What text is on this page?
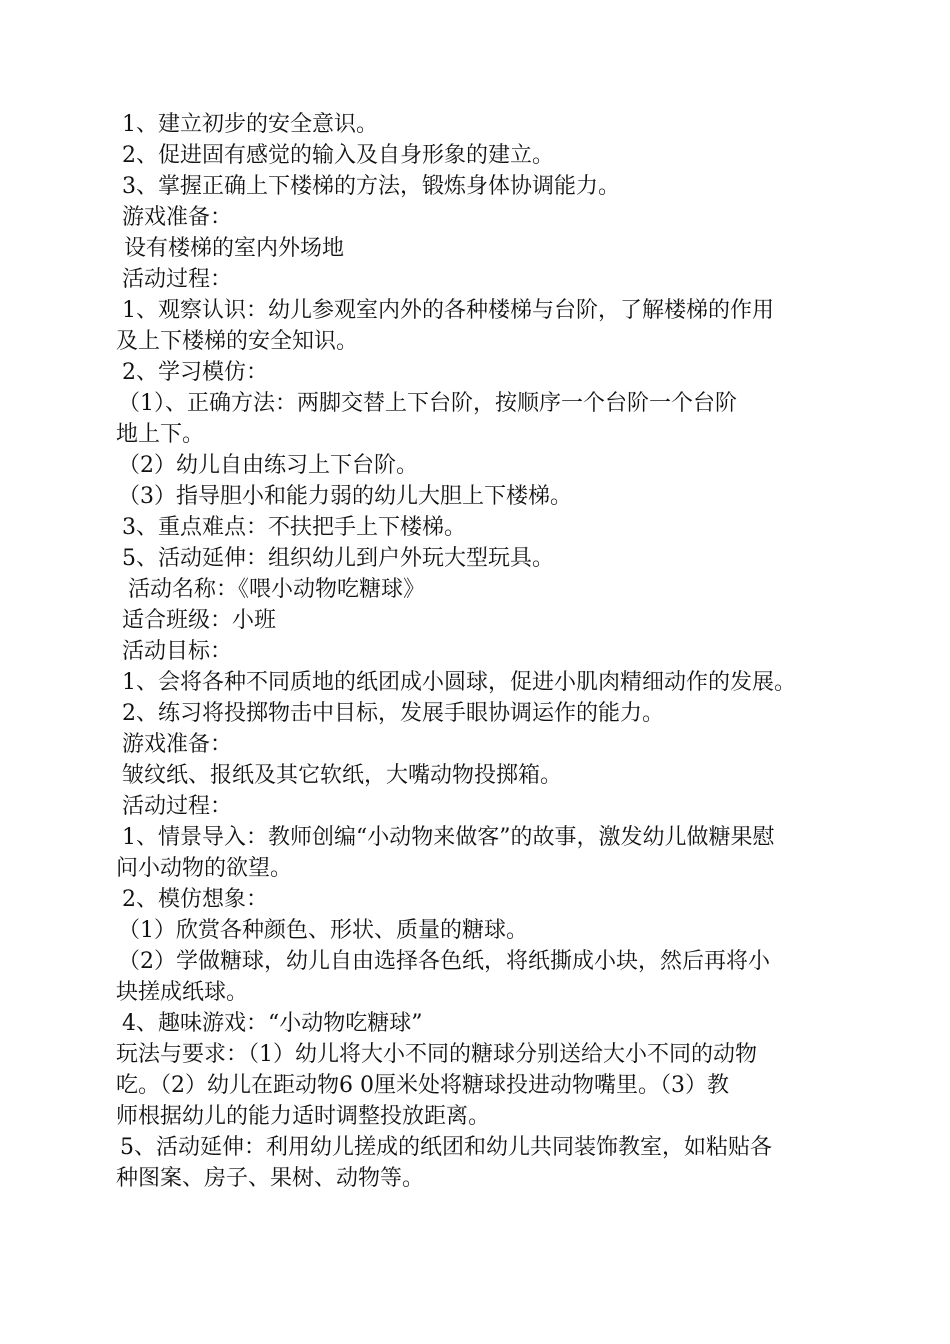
1、建立初步的安全意识。
2、促进固有感觉的输入及自身形象的建立。
3、掌握正确上下楼梯的方法，锻炼身体协调能力。
游戏准备：
设有楼梯的室内外场地
活动过程：
1、观察认识：幼儿参观室内外的各种楼梯与台阶，了解楼梯的作用
及上下楼梯的安全知识。
2、学习模仿：
（1）、正确方法：两脚交替上下台阶，按顺序一个台阶一个台阶
地上下。
（2）幼儿自由练习上下台阶。
（3）指导胆小和能力弱的幼儿大胆上下楼梯。
3、重点难点：不扶把手上下楼梯。
5、活动延伸：组织幼儿到户外玩大型玩具。
活动名称：《喂小动物吃糖球》
适合班级：小班
活动目标：
1、会将各种不同质地的纸团成小圆球，促进小肌肉精细动作的发展。
2、练习将投掷物击中目标，发展手眼协调运作的能力。
游戏准备：
皱纹纸、报纸及其它软纸，大嘴动物投掷箱。
活动过程：
1、情景导入：教师创编“小动物来做客”的故事，激发幼儿做糖果慰
问小动物的欲望。
2、模仿想象：
（1）欣赏各种颜色、形状、质量的糖球。
（2）学做糖球，幼儿自由选择各色纸，将纸撕成小块，然后再将小
块搓成纸球。
4、趣味游戏：“小动物吃糖球”
玩法与要求：（1）幼儿将大小不同的糖球分别送给大小不同的动物
吃。（2）幼儿在距动物6 0厘米处将糖球投进动物嘴里。（3）教
师根据幼儿的能力适时调整投放距离。
5、活动延伸：利用幼儿搓成的纸团和幼儿共同装饰教室，如粘贴各
种图案、房子、果树、动物等。
